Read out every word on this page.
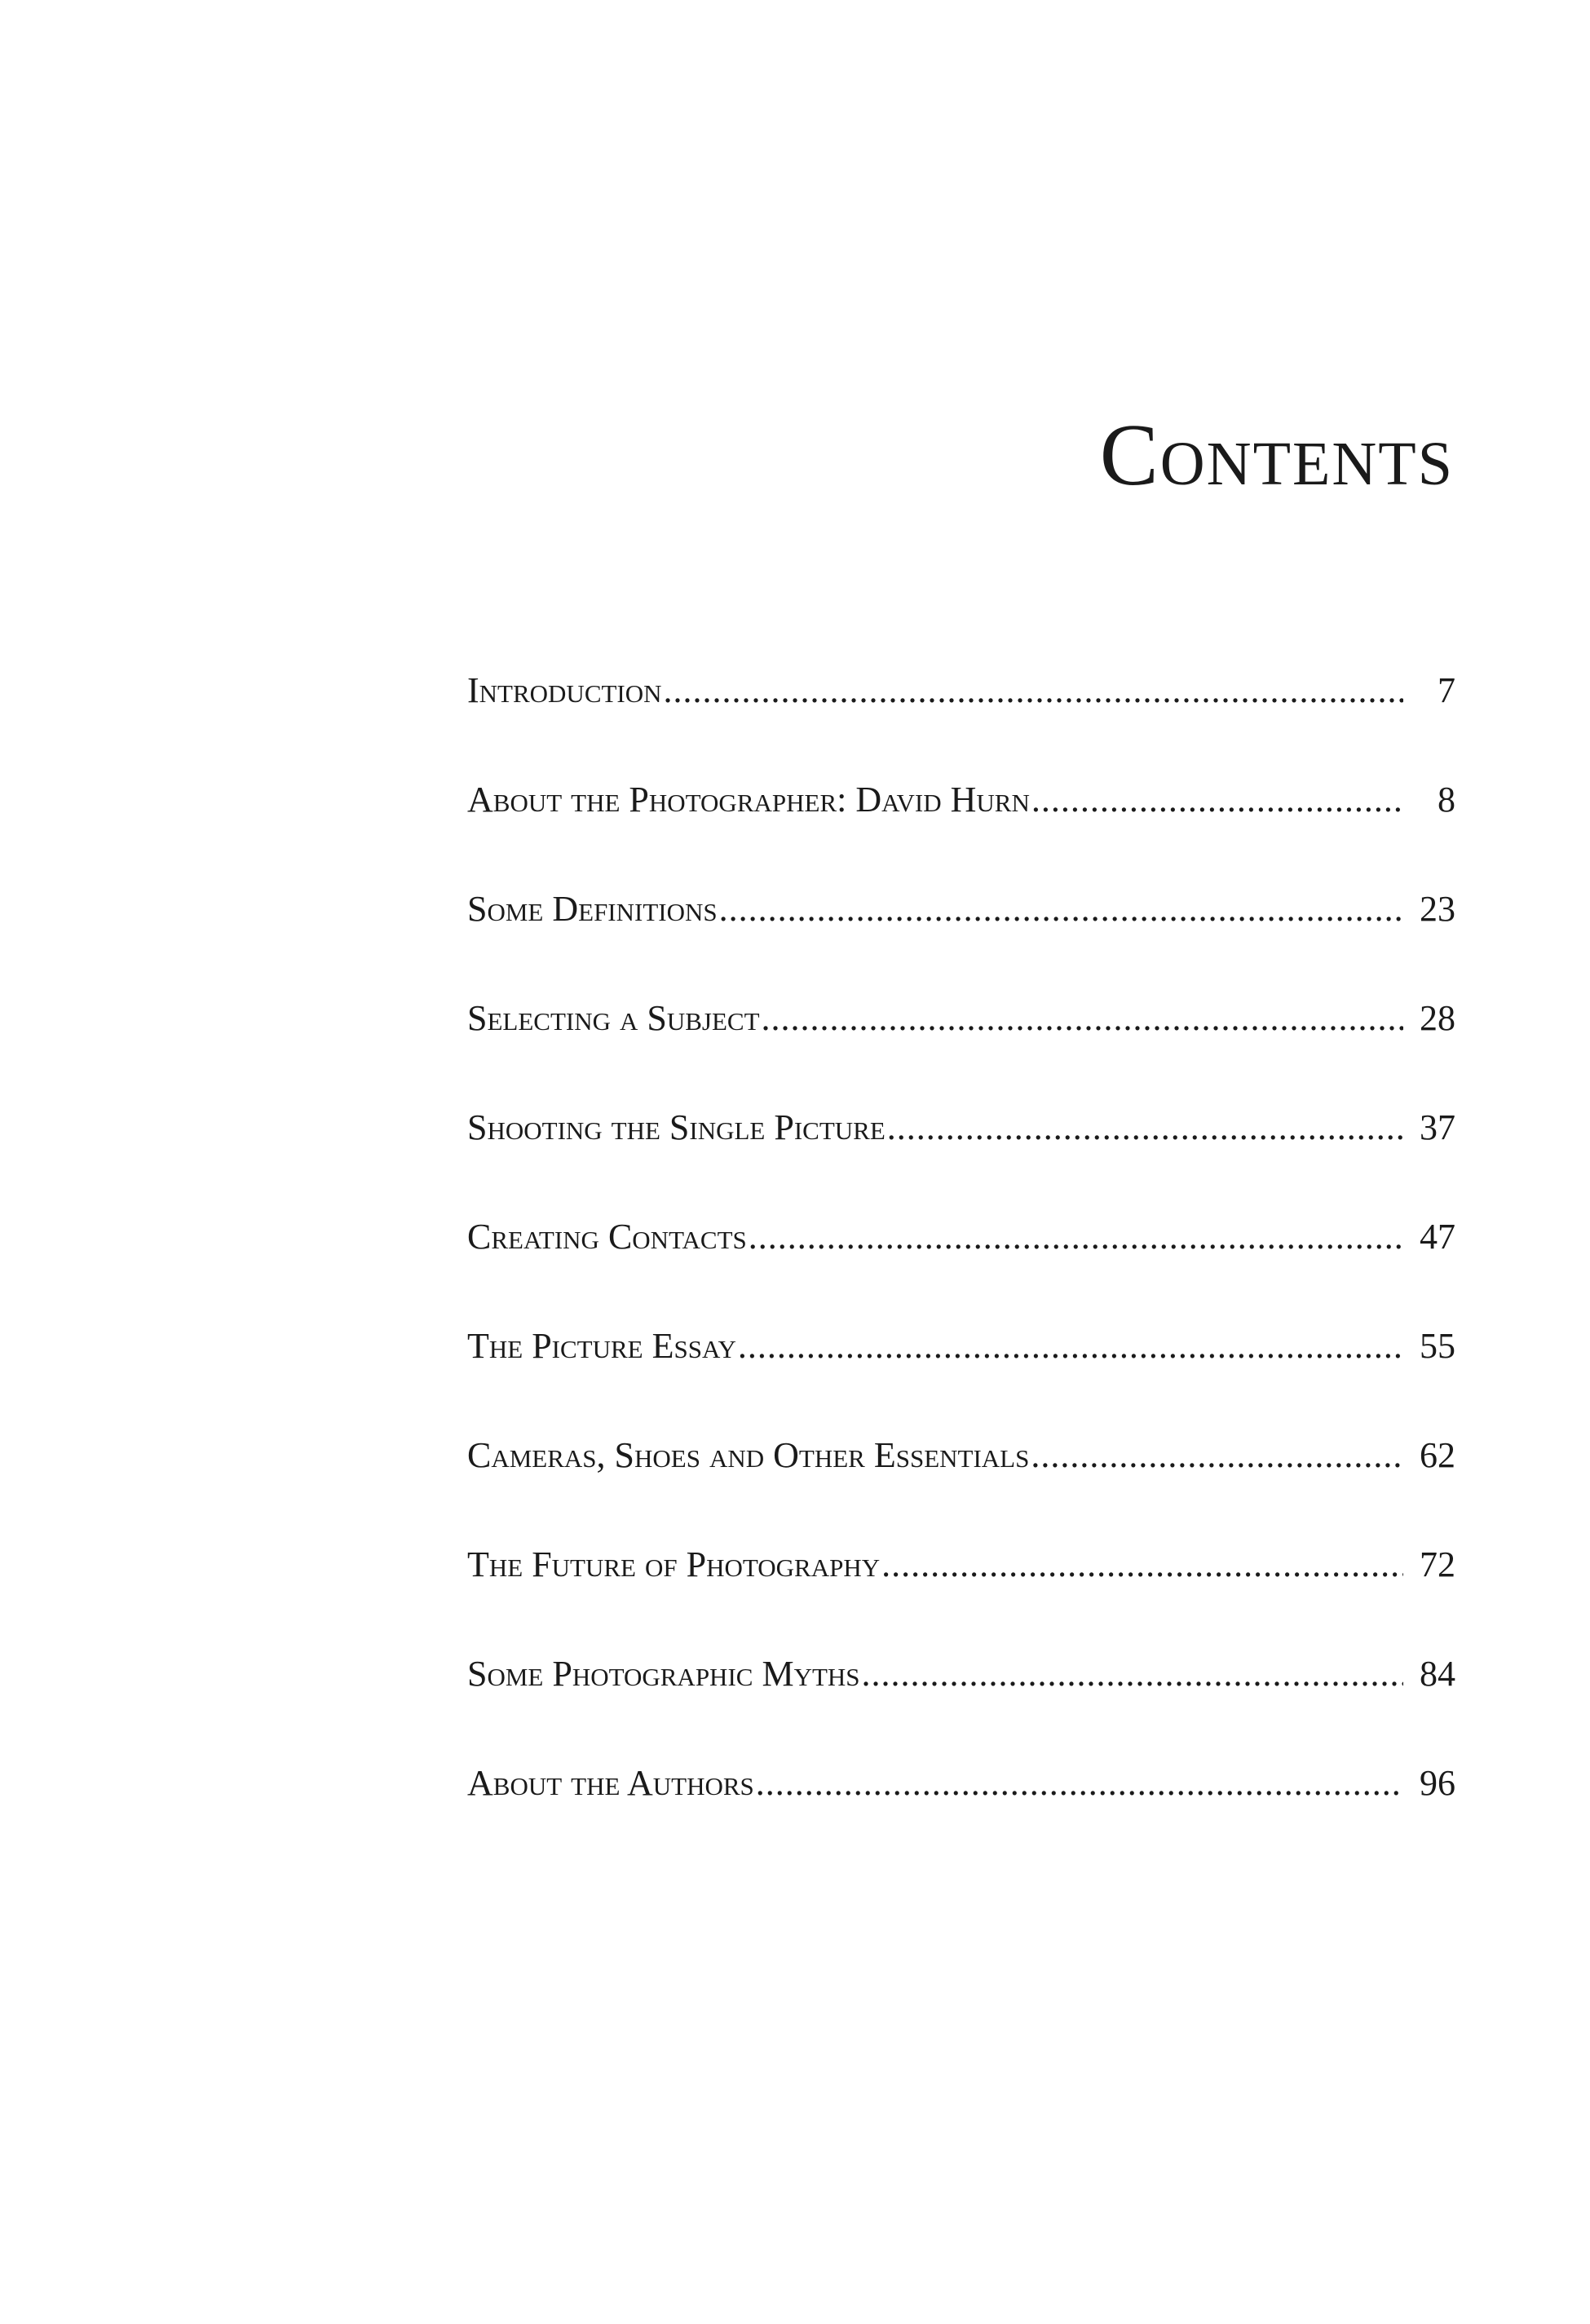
Contents
Introduction .....	7
About the Photographer: David Hurn .....	8
Some Definitions .....	23
Selecting a Subject .....	28
Shooting the Single Picture .....	37
Creating Contacts .....	47
The Picture Essay .....	55
Cameras, Shoes and Other Essentials .....	62
The Future of Photography .....	72
Some Photographic Myths .....	84
About the Authors .....	96
